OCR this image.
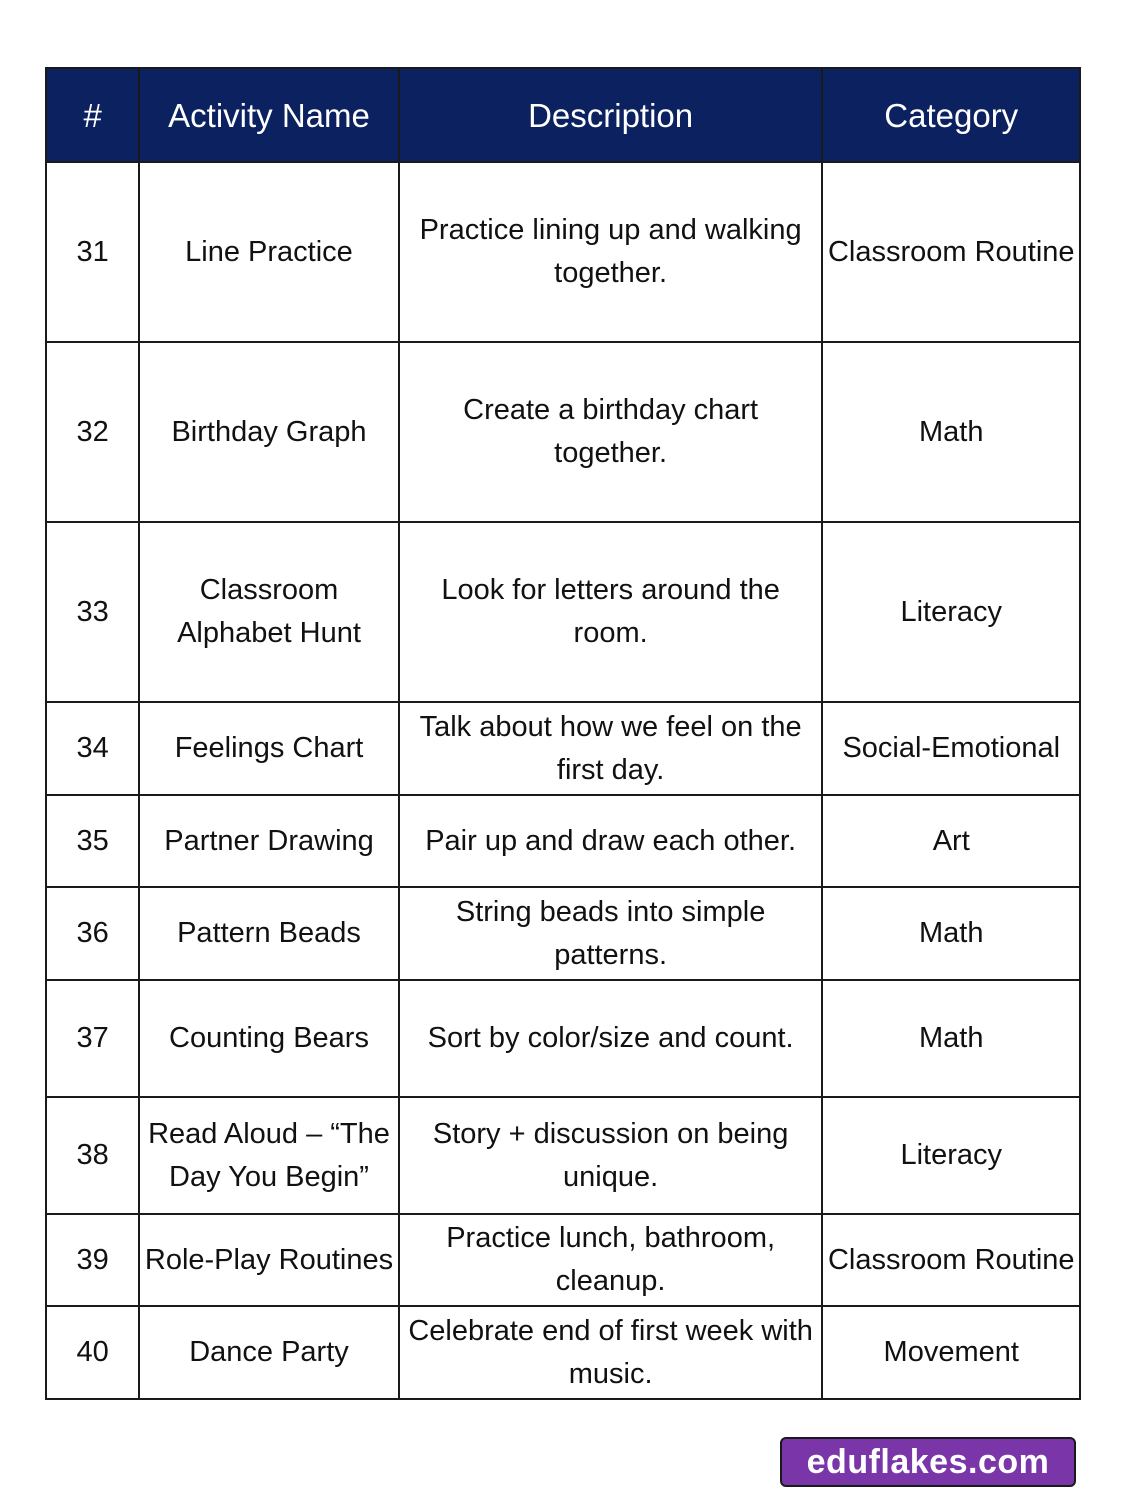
#	Activity Name	Description	Category
31	Line Practice	Practice lining up and walking together.	Classroom Routine
32	Birthday Graph	Create a birthday chart together.	Math
33	Classroom Alphabet Hunt	Look for letters around the room.	Literacy
34	Feelings Chart	Talk about how we feel on the first day.	Social-Emotional
35	Partner Drawing	Pair up and draw each other.	Art
36	Pattern Beads	String beads into simple patterns.	Math
37	Counting Bears	Sort by color/size and count.	Math
38	Read Aloud – “The Day You Begin”	Story + discussion on being unique.	Literacy
39	Role-Play Routines	Practice lunch, bathroom, cleanup.	Classroom Routine
40	Dance Party	Celebrate end of first week with music.	Movement
eduflakes.com
